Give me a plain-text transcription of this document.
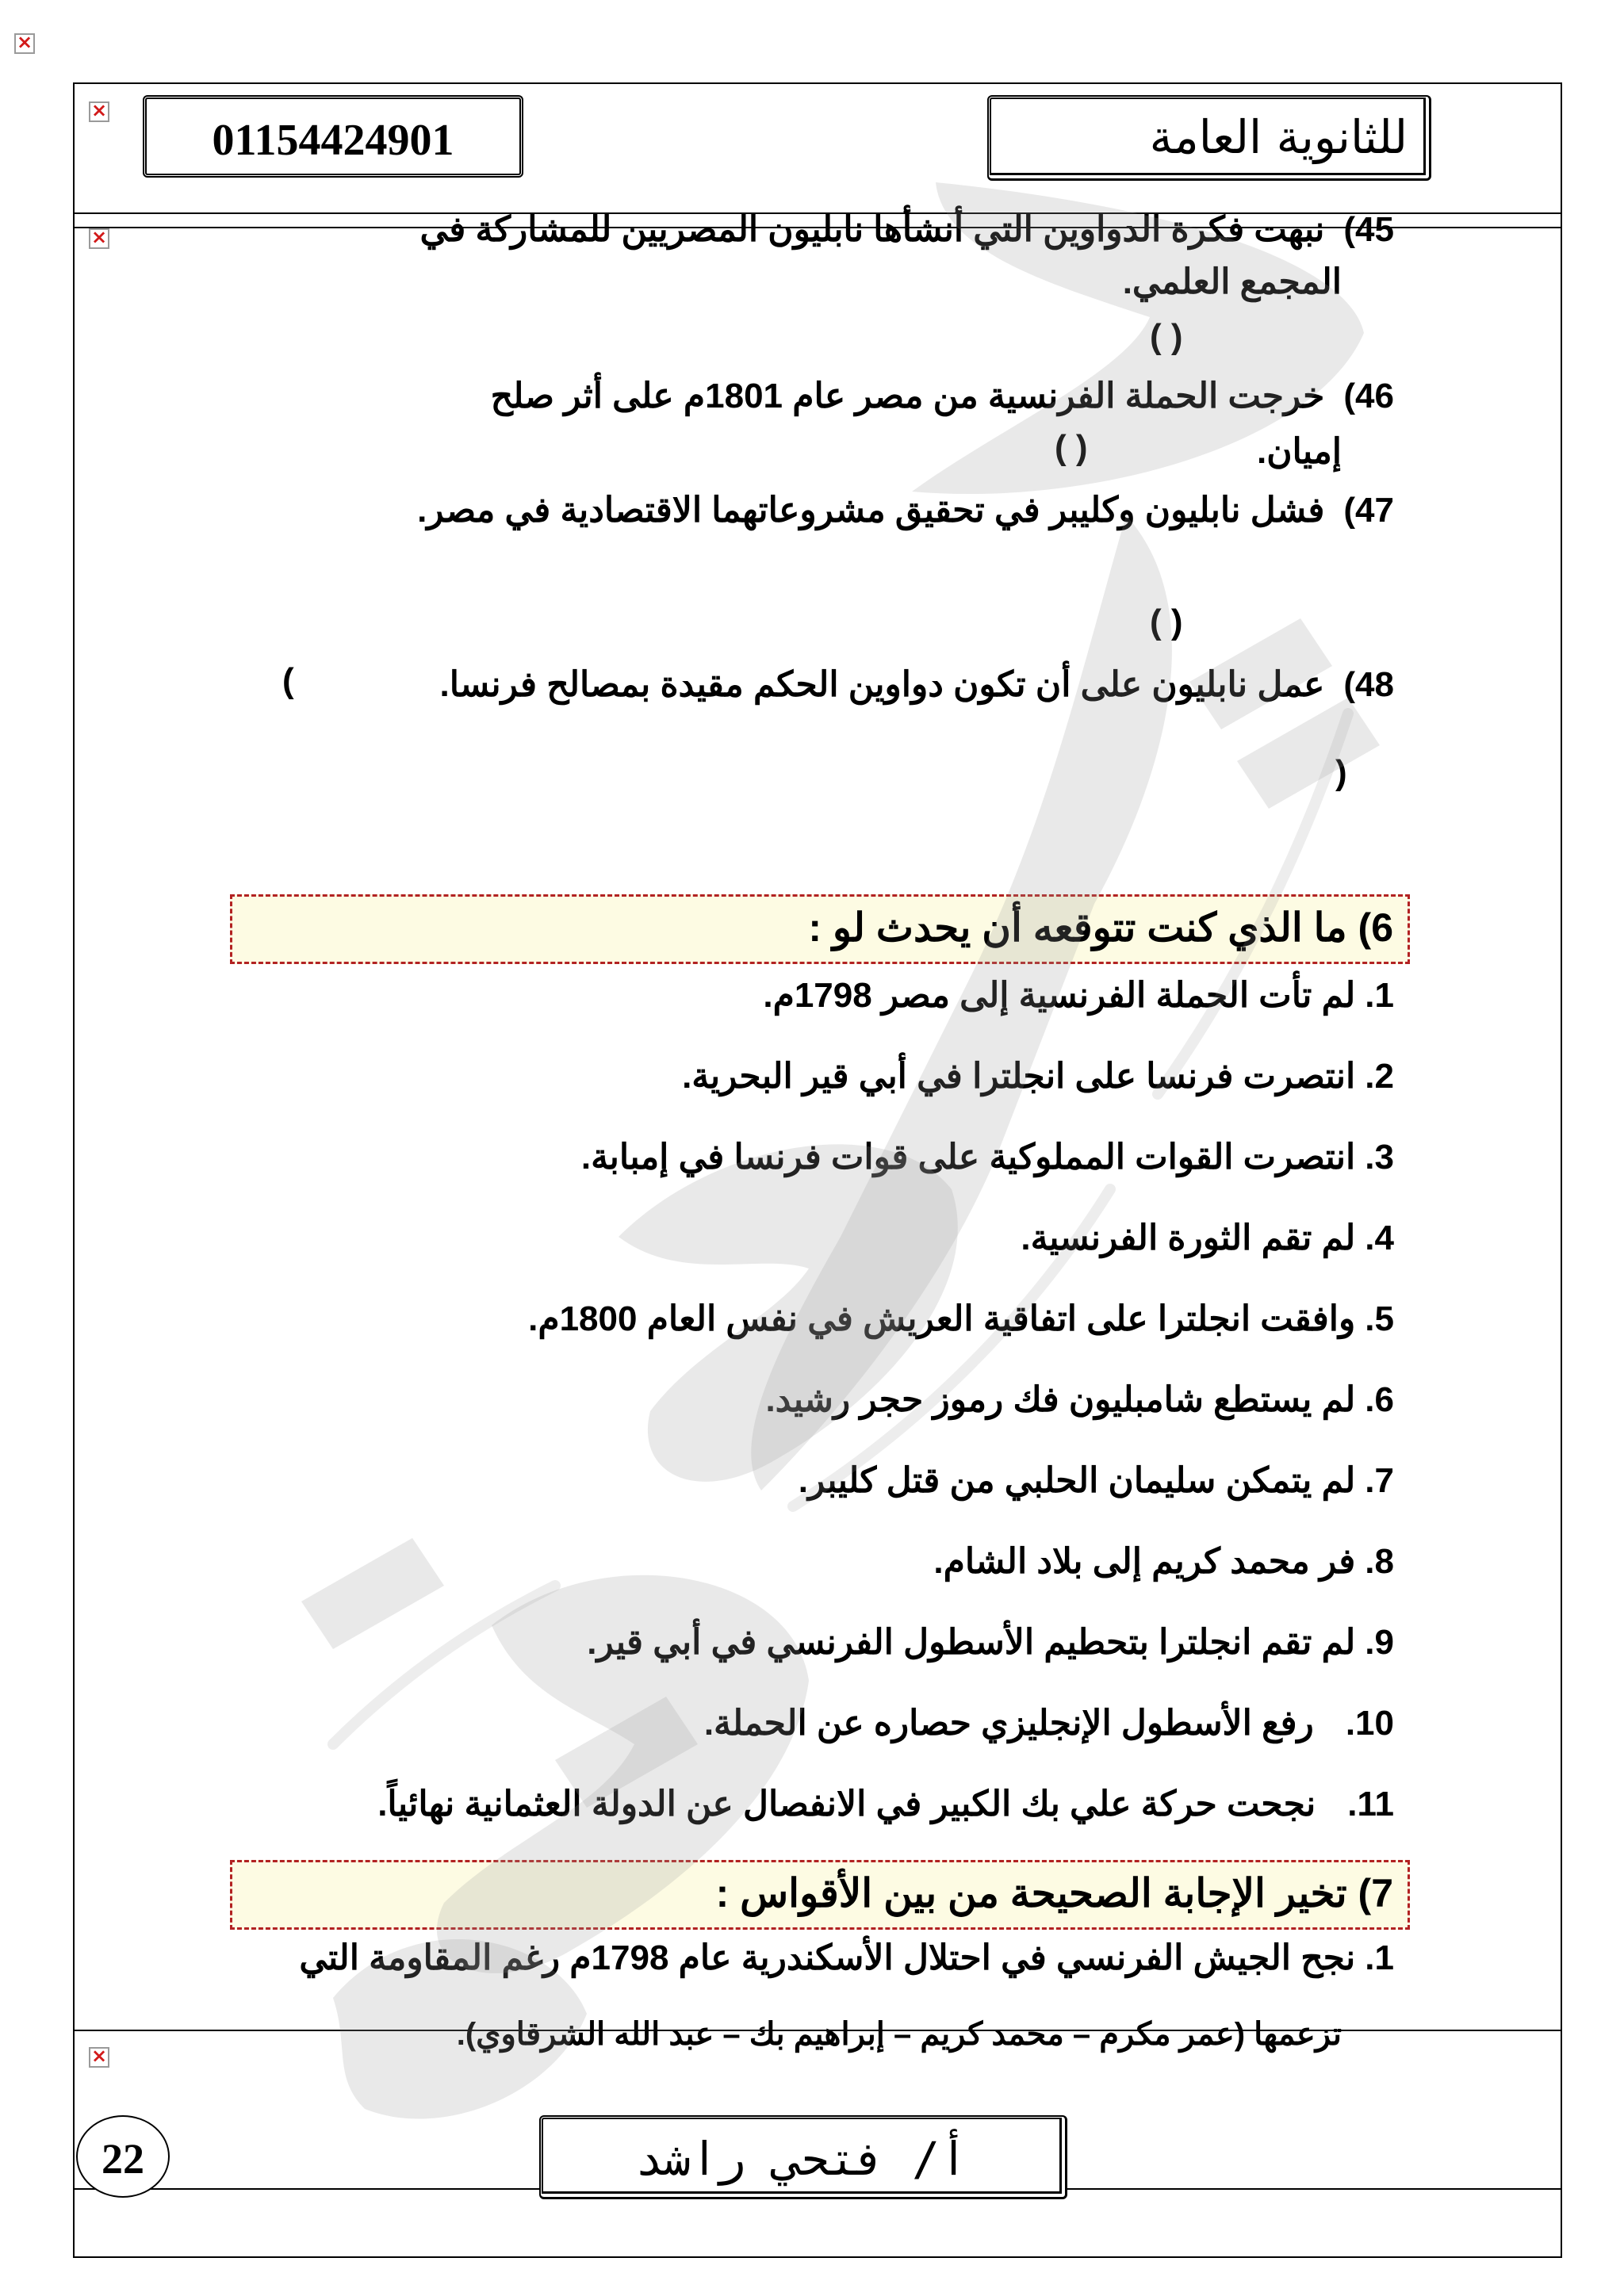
×
×
×
×
01154424901	للثانوية العامة
45)نبهت فكرة الدواوين التي أنشأها نابليون المصريين للمشاركة في
المجمع العلمي.
( )
46)خرجت الحملة الفرنسية من مصر عام 1801م على أثر صلح
إميان.
( )
47)فشل نابليون وكليبر في تحقيق مشروعاتهما الاقتصادية في مصر.
( )
48)عمل نابليون على أن تكون دواوين الحكم مقيدة بمصالح فرنسا.
(
)
6) ما الذي كنت تتوقعه أن يحدث لو :
1.لم تأت الحملة الفرنسية إلى مصر 1798م.
2.انتصرت فرنسا على انجلترا في أبي قير البحرية.
3.انتصرت القوات المملوكية على قوات فرنسا في إمبابة.
4.لم تقم الثورة الفرنسية.
5.وافقت انجلترا على اتفاقية العريش في نفس العام 1800م.
6.لم يستطع شامبليون فك رموز حجر رشيد.
7.لم يتمكن سليمان الحلبي من قتل كليبر.
8.فر محمد كريم إلى بلاد الشام.
9.لم تقم انجلترا بتحطيم الأسطول الفرنسي في أبي قير.
10.رفع الأسطول الإنجليزي حصاره عن الحملة.
11.نجحت حركة علي بك الكبير في الانفصال عن الدولة العثمانية نهائياً.
7) تخير الإجابة الصحيحة من بين الأقواس :
1.نجح الجيش الفرنسي في احتلال الأسكندرية عام 1798م رغم المقاومة التي
تزعمها (عمر مكرم – محمد كريم – إبراهيم بك – عبد الله الشرقاوي).
22	أ/ فتحي راشد
